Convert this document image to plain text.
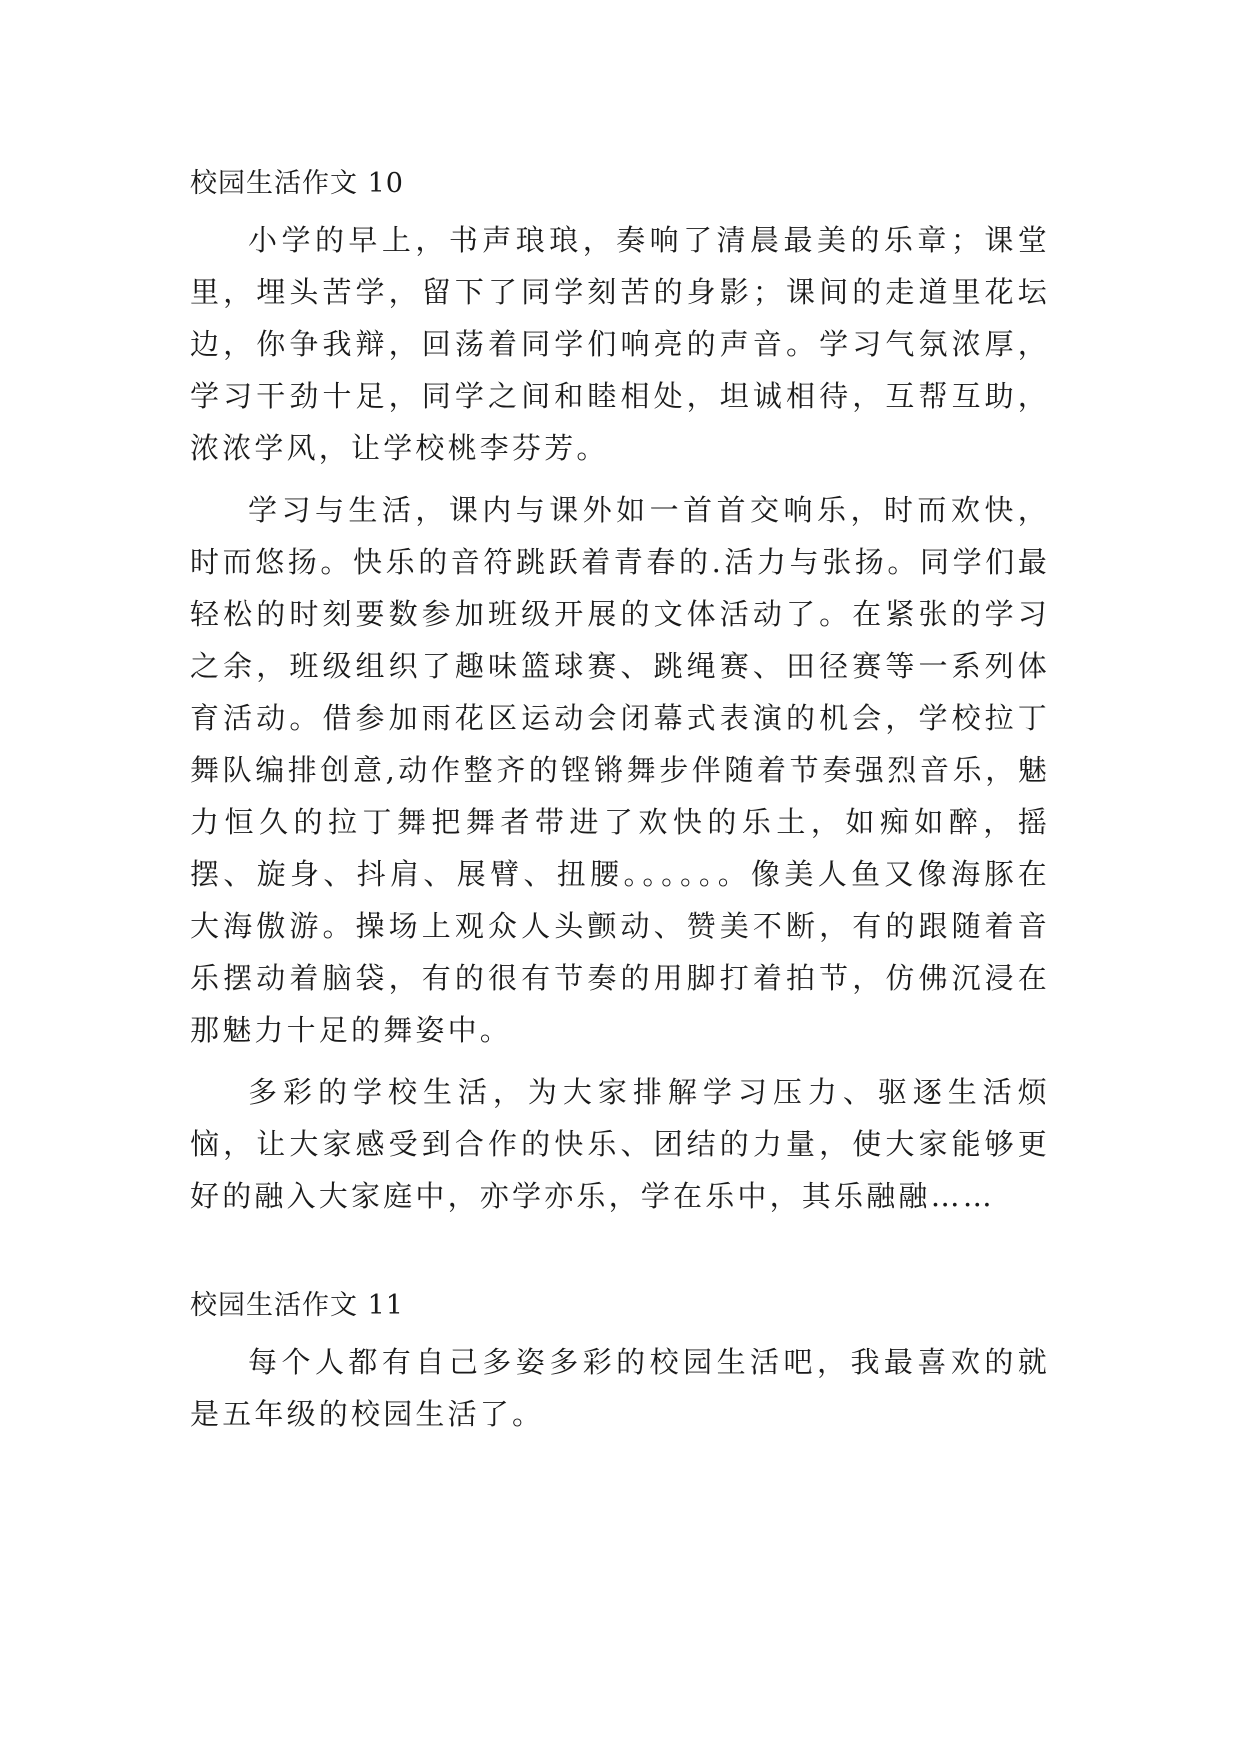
校园生活作文 10

小学的早上，书声琅琅，奏响了清晨最美的乐章；课堂里，埋头苦学，留下了同学刻苦的身影；课间的走道里花坛边，你争我辩，回荡着同学们响亮的声音。学习气氛浓厚，学习干劲十足，同学之间和睦相处，坦诚相待，互帮互助，浓浓学风，让学校桃李芬芳。

学习与生活，课内与课外如一首首交响乐，时而欢快，时而悠扬。快乐的音符跳跃着青春的.活力与张扬。同学们最轻松的时刻要数参加班级开展的文体活动了。在紧张的学习之余，班级组织了趣味篮球赛、跳绳赛、田径赛等一系列体育活动。借参加雨花区运动会闭幕式表演的机会，学校拉丁舞队编排创意,动作整齐的铿锵舞步伴随着节奏强烈音乐，魅力恒久的拉丁舞把舞者带进了欢快的乐土，如痴如醉，摇摆、旋身、抖肩、展臂、扭腰。。。。。。像美人鱼又像海豚在大海傲游。操场上观众人头颤动、赞美不断，有的跟随着音乐摆动着脑袋，有的很有节奏的用脚打着拍节，仿佛沉浸在那魅力十足的舞姿中。

多彩的学校生活，为大家排解学习压力、驱逐生活烦恼，让大家感受到合作的快乐、团结的力量，使大家能够更好的融入大家庭中，亦学亦乐，学在乐中，其乐融融……

校园生活作文 11

每个人都有自己多姿多彩的校园生活吧，我最喜欢的就是五年级的校园生活了。
